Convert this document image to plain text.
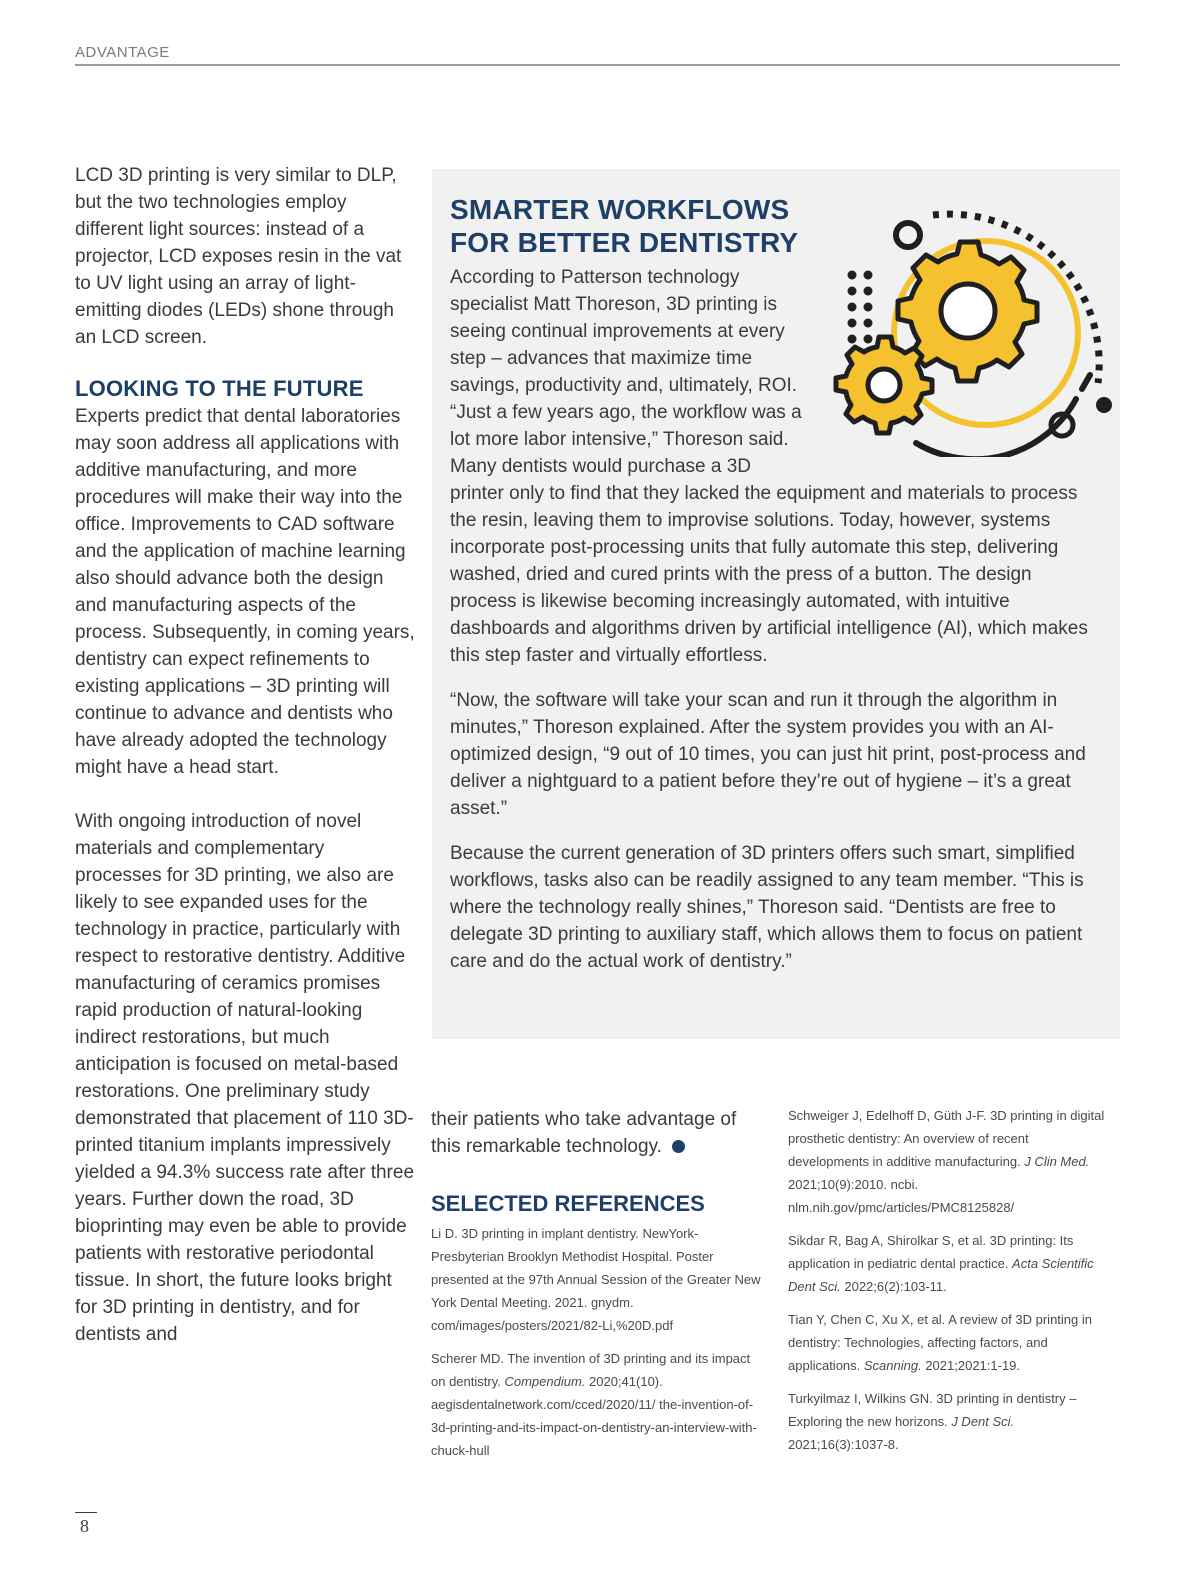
ADVANTAGE

LCD 3D printing is very similar to DLP, but the two technologies employ different light sources: instead of a projector, LCD exposes resin in the vat to UV light using an array of light-emitting diodes (LEDs) shone through an LCD screen.

LOOKING TO THE FUTURE

Experts predict that dental laboratories may soon address all applications with additive manufacturing, and more procedures will make their way into the office. Improvements to CAD software and the application of machine learning also should advance both the design and manufacturing aspects of the process. Subsequently, in coming years, dentistry can expect refinements to existing applications – 3D printing will continue to advance and dentists who have already adopted the technology might have a head start.

With ongoing introduction of novel materials and complementary processes for 3D printing, we also are likely to see expanded uses for the technology in practice, particularly with respect to restorative dentistry. Additive manufacturing of ceramics promises rapid production of natural-looking indirect restorations, but much anticipation is focused on metal-based restorations. One preliminary study demonstrated that placement of 110 3D-printed titanium implants impressively yielded a 94.3% success rate after three years. Further down the road, 3D bioprinting may even be able to provide patients with restorative periodontal tissue. In short, the future looks bright for 3D printing in dentistry, and for dentists and

SMARTER WORKFLOWS
FOR BETTER DENTISTRY

According to Patterson technology specialist Matt Thoreson, 3D printing is seeing continual improvements at every step – advances that maximize time savings, productivity and, ultimately, ROI. “Just a few years ago, the workflow was a lot more labor intensive,” Thoreson said. Many dentists would purchase a 3D printer only to find that they lacked the equipment and materials to process the resin, leaving them to improvise solutions. Today, however, systems incorporate post-processing units that fully automate this step, delivering washed, dried and cured prints with the press of a button. The design process is likewise becoming increasingly automated, with intuitive dashboards and algorithms driven by artificial intelligence (AI), which makes this step faster and virtually effortless.

“Now, the software will take your scan and run it through the algorithm in minutes,” Thoreson explained. After the system provides you with an AI-optimized design, “9 out of 10 times, you can just hit print, post-process and deliver a nightguard to a patient before they’re out of hygiene – it’s a great asset.”

Because the current generation of 3D printers offers such smart, simplified workflows, tasks also can be readily assigned to any team member. “This is where the technology really shines,” Thoreson said. “Dentists are free to delegate 3D printing to auxiliary staff, which allows them to focus on patient care and do the actual work of dentistry.”

their patients who take advantage of this remarkable technology.

SELECTED REFERENCES

Li D. 3D printing in implant dentistry. NewYork-Presbyterian Brooklyn Methodist Hospital. Poster presented at the 97th Annual Session of the Greater New York Dental Meeting. 2021. gnydm. com/images/posters/2021/82-Li,%20D.pdf

Scherer MD. The invention of 3D printing and its impact on dentistry. Compendium. 2020;41(10). aegisdentalnetwork.com/cced/2020/11/ the-invention-of-3d-printing-and-its-impact-on-dentistry-an-interview-with-chuck-hull

Schweiger J, Edelhoff D, Güth J-F. 3D printing in digital prosthetic dentistry: An overview of recent developments in additive manufacturing. J Clin Med. 2021;10(9):2010. ncbi. nlm.nih.gov/pmc/articles/PMC8125828/

Sikdar R, Bag A, Shirolkar S, et al. 3D printing: Its application in pediatric dental practice. Acta Scientific Dent Sci. 2022;6(2):103-11.

Tian Y, Chen C, Xu X, et al. A review of 3D printing in dentistry: Technologies, affecting factors, and applications. Scanning. 2021;2021:1-19.

Turkyilmaz I, Wilkins GN. 3D printing in dentistry – Exploring the new horizons. J Dent Sci. 2021;16(3):1037-8.

8
